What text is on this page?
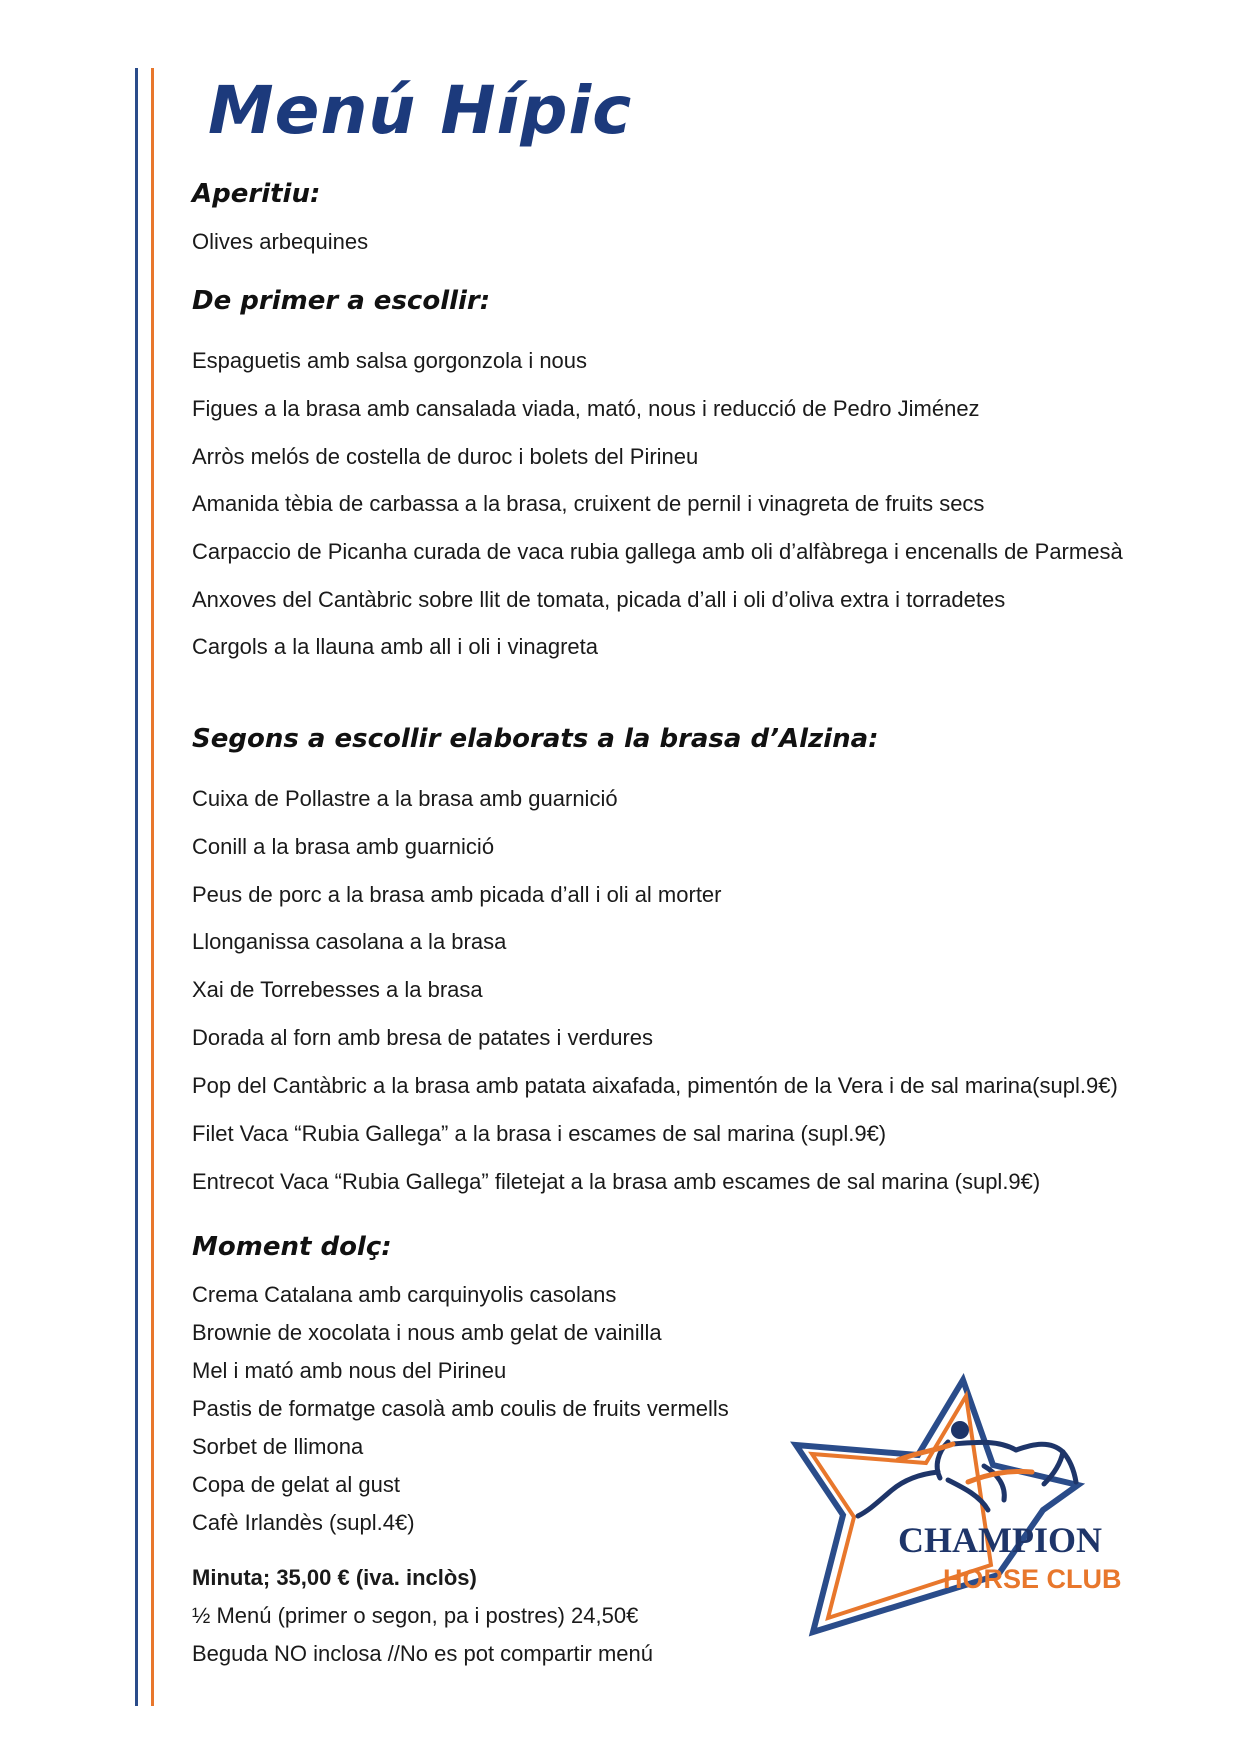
Menú Hípic
Aperitiu:

Olives arbequines

De primer a escollir:

Espaguetis amb salsa gorgonzola i nous

Figues a la brasa amb cansalada viada, mató, nous i reducció de Pedro Jiménez

Arròs melós de costella de duroc i bolets del Pirineu

Amanida tèbia de carbassa a la brasa, cruixent de pernil i vinagreta de fruits secs

Carpaccio de Picanha curada de vaca rubia gallega amb oli d’alfàbrega i encenalls de Parmesà

Anxoves del Cantàbric sobre llit de tomata, picada d’all i oli d’oliva extra i torradetes

Cargols a la llauna amb all i oli i vinagreta

Segons a escollir elaborats a la brasa d’Alzina:

Cuixa de Pollastre a la brasa amb guarnició

Conill a la brasa amb guarnició

Peus de porc a la brasa amb picada d’all i oli al morter

Llonganissa casolana a la brasa

Xai de Torrebesses a la brasa

Dorada al forn amb bresa de patates i verdures

Pop del Cantàbric a la brasa amb patata aixafada, pimentón de la Vera i de sal marina(supl.9€)

Filet Vaca “Rubia Gallega” a la brasa i escames de sal marina (supl.9€)

Entrecot Vaca “Rubia Gallega” filetejat a la brasa amb escames de sal marina (supl.9€)

Moment dolç:

Crema Catalana amb carquinyolis casolans

Brownie de xocolata i nous amb gelat de vainilla

Mel i mató amb nous del Pirineu

Pastis de formatge casolà amb coulis de fruits vermells

Sorbet de llimona

Copa de gelat al gust

Cafè Irlandès (supl.4€)

Minuta; 35,00 € (iva. inclòs)

½ Menú (primer o segon, pa i postres) 24,50€

Beguda NO inclosa //No es pot compartir menú

CHAMPION
HORSE CLUB
